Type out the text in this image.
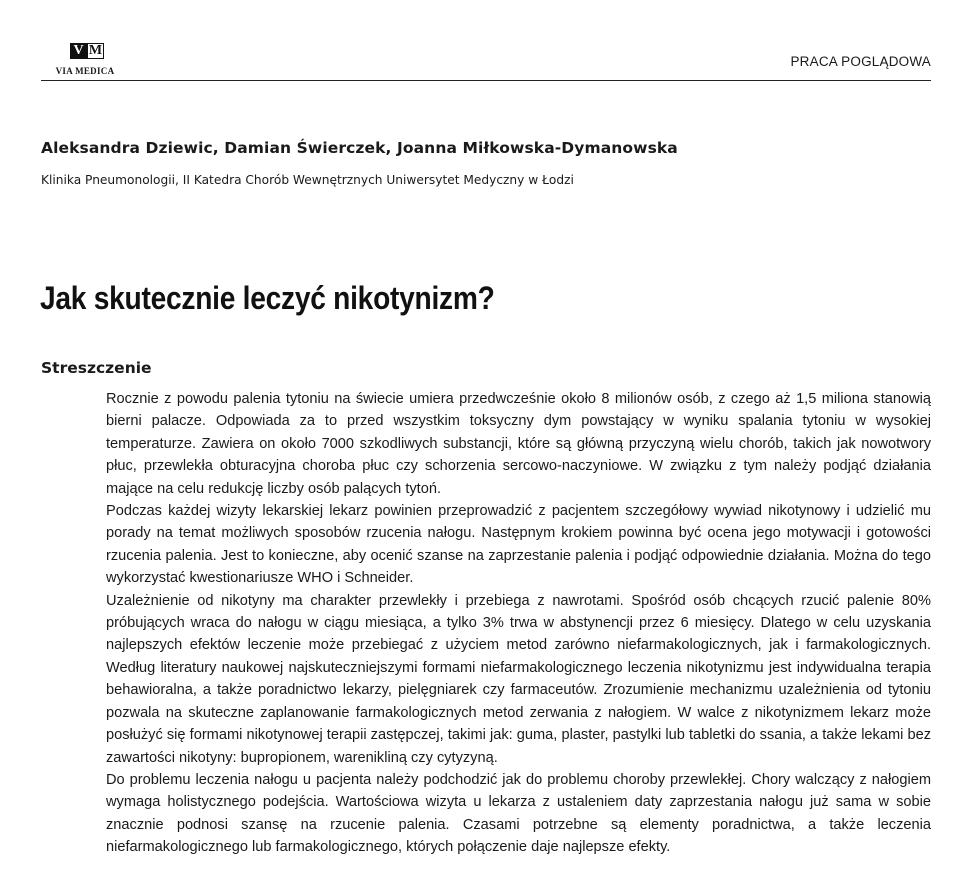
V M
VIA MEDICA
PRACA POGLĄDOWA
Aleksandra Dziewic, Damian Świerczek, Joanna Miłkowska-Dymanowska
Klinika Pneumonologii, II Katedra Chorób Wewnętrznych Uniwersytet Medyczny w Łodzi
Jak skutecznie leczyć nikotynizm?
Streszczenie

Rocznie z powodu palenia tytoniu na świecie umiera przedwcześnie około 8 milionów osób, z czego aż 1,5 miliona stanowią bierni palacze. Odpowiada za to przed wszystkim toksyczny dym powstający w wyniku spalania tytoniu w wysokiej temperaturze. Zawiera on około 7000 szkodliwych substancji, które są główną przyczyną wielu chorób, takich jak nowotwory płuc, przewlekła obturacyjna choroba płuc czy schorzenia sercowo-naczyniowe. W związku z tym należy podjąć działania mające na celu redukcję liczby osób palących tytoń.

Podczas każdej wizyty lekarskiej lekarz powinien przeprowadzić z pacjentem szczegółowy wywiad nikotynowy i udzielić mu porady na temat możliwych sposobów rzucenia nałogu. Następnym krokiem powinna być ocena jego motywacji i gotowości rzucenia palenia. Jest to konieczne, aby ocenić szanse na zaprzestanie palenia i podjąć odpowiednie działania. Można do tego wykorzystać kwestionariusze WHO i Schneider.

Uzależnienie od nikotyny ma charakter przewlekły i przebiega z nawrotami. Spośród osób chcących rzucić palenie 80% próbujących wraca do nałogu w ciągu miesiąca, a tylko 3% trwa w abstynencji przez 6 miesięcy. Dlatego w celu uzyskania najlepszych efektów leczenie może przebiegać z użyciem metod zarówno niefarmakologicznych, jak i farmakologicznych. Według literatury naukowej najskuteczniejszymi formami niefarmakologicznego leczenia nikotynizmu jest indywidualna terapia behawioralna, a także poradnictwo lekarzy, pielęgniarek czy farmaceutów. Zrozumienie mechanizmu uzależnienia od tytoniu pozwala na skuteczne zaplanowanie farmakologicznych metod zerwania z nałogiem. W walce z nikotynizmem lekarz może posłużyć się formami nikotynowej terapii zastępczej, takimi jak: guma, plaster, pastylki lub tabletki do ssania, a także lekami bez zawartości nikotyny: bupropionem, warenikliną czy cytyzyną.

Do problemu leczenia nałogu u pacjenta należy podchodzić jak do problemu choroby przewlekłej. Chory walczący z nałogiem wymaga holistycznego podejścia. Wartościowa wizyta u lekarza z ustaleniem daty zaprzestania nałogu już sama w sobie znacznie podnosi szansę na rzucenie palenia. Czasami potrzebne są elementy poradnictwa, a także leczenia niefarmakologicznego lub farmakologicznego, których połączenie daje najlepsze efekty.
